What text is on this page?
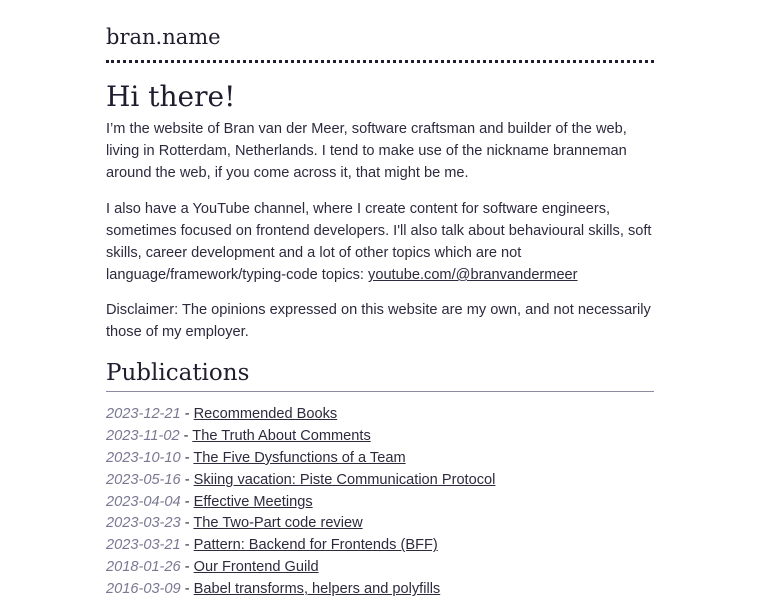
bran.name
Hi there!

I’m the website of Bran van der Meer, software craftsman and builder of the web, living in Rotterdam, Netherlands. I tend to make use of the nickname branneman around the web, if you come across it, that might be me.

I also have a YouTube channel, where I create content for software engineers, sometimes focused on frontend developers. I'll also talk about behavioural skills, soft skills, career development and a lot of other topics which are not language/framework/typing-code topics: youtube.com/@branvandermeer

Disclaimer: The opinions expressed on this website are my own, and not necessarily those of my employer.

Publications
2023-12-21 - Recommended Books
2023-11-02 - The Truth About Comments
2023-10-10 - The Five Dysfunctions of a Team
2023-05-16 - Skiing vacation: Piste Communication Protocol
2023-04-04 - Effective Meetings
2023-03-23 - The Two-Part code review
2023-03-21 - Pattern: Backend for Frontends (BFF)
2018-01-26 - Our Frontend Guild
2016-03-09 - Babel transforms, helpers and polyfills
